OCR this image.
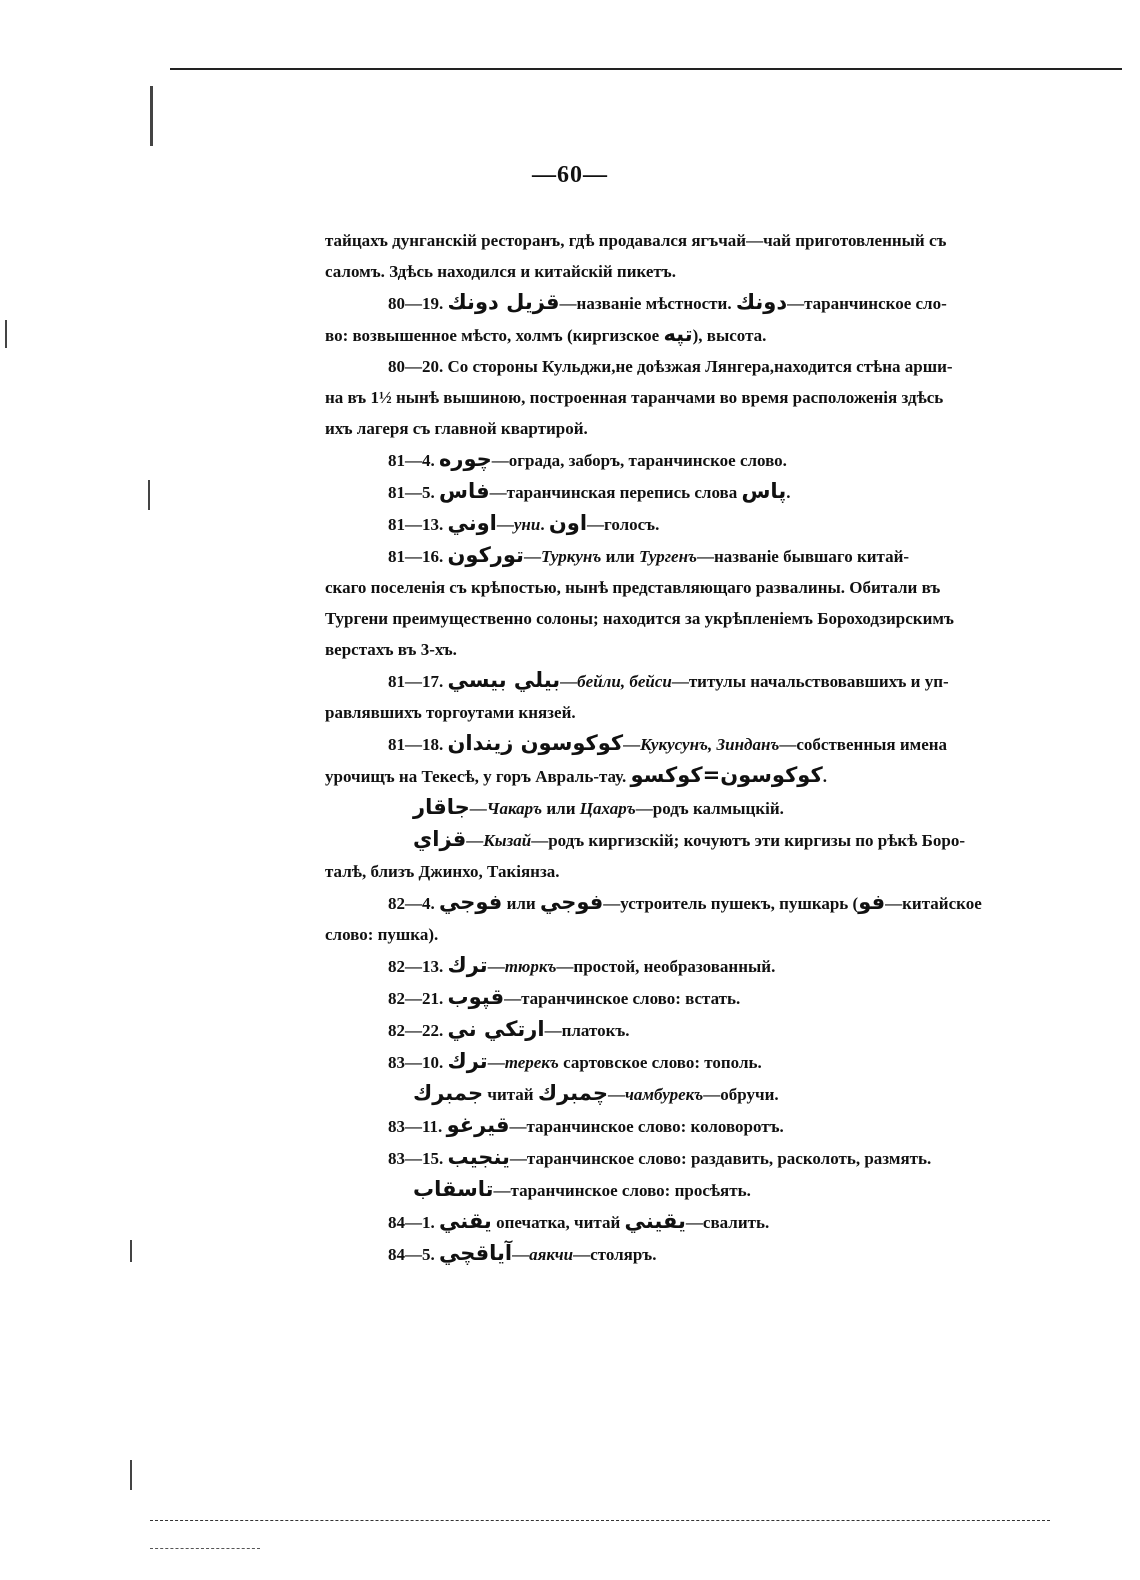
—60—

тайцахъ дунганскій ресторанъ, гдѣ продавался ягъчай—чай приготовленный съ

саломъ. Здѣсь находился и китайскій пикетъ.

80—19. قزيل دونك—названіе мѣстности. دونك—таранчинское сло-

во: возвышенное мѣсто, холмъ (киргизское تپه), высота.

80—20. Со стороны Кульджи,не доѣзжая Лянгера,находится стѣна арши-

на въ 1½ нынѣ вышиною, построенная таранчами во время расположенія здѣсь

ихъ лагеря съ главной квартирой.

81—4. چوره—ограда, заборъ, таранчинское слово.

81—5. فاس—таранчинская перепись слова پاس.

81—13. اوني—уни. اون—голосъ.

81—16. توركون—Туркунъ или Тургенъ—названіе бывшаго китай-

скаго поселенія съ крѣпостью, нынѣ представляющаго развалины. Обитали въ

Тургени преимущественно солоны; находится за укрѣпленіемъ Бороходзирскимъ

верстахъ въ 3-хъ.

81—17. بيلي بيسي—бейли, бейси—титулы начальствовавшихъ и уп-

равлявшихъ торгоутами князей.

81—18. كوكوسون زيندان—Кукусунъ, Зинданъ—собственныя имена

урочищъ на Текесѣ, у горъ Авраль-тау. كوكوسون=كوكسو.

جاقار—Чакаръ или Цахаръ—родъ калмыцкій.

قزاي—Кызай—родъ киргизскій; кочуютъ эти киргизы по рѣкѣ Боро-

талѣ, близъ Джинхо, Такіянза.

82—4. فوجي или فوجي—устроитель пушекъ, пушкарь (فو—китайское

слово: пушка).

82—13. ترك—тюркъ—простой, необразованный.

82—21. قپوب—таранчинское слово: встать.

82—22. ارتكي ني—платокъ.

83—10. ترك—терекъ сартовское слово: тополь.

جمبرك читай چمبرك—чамбурекъ—обручи.

83—11. قيرغو—таранчинское слово: коловоротъ.

83—15. ينجيب—таранчинское слово: раздавить, расколоть, размять.

تاسقاب—таранчинское слово: просѣять.

84—1. يقني опечатка, читай يقيني—свалить.

84—5. آياقچي—аякчи—столяръ.
